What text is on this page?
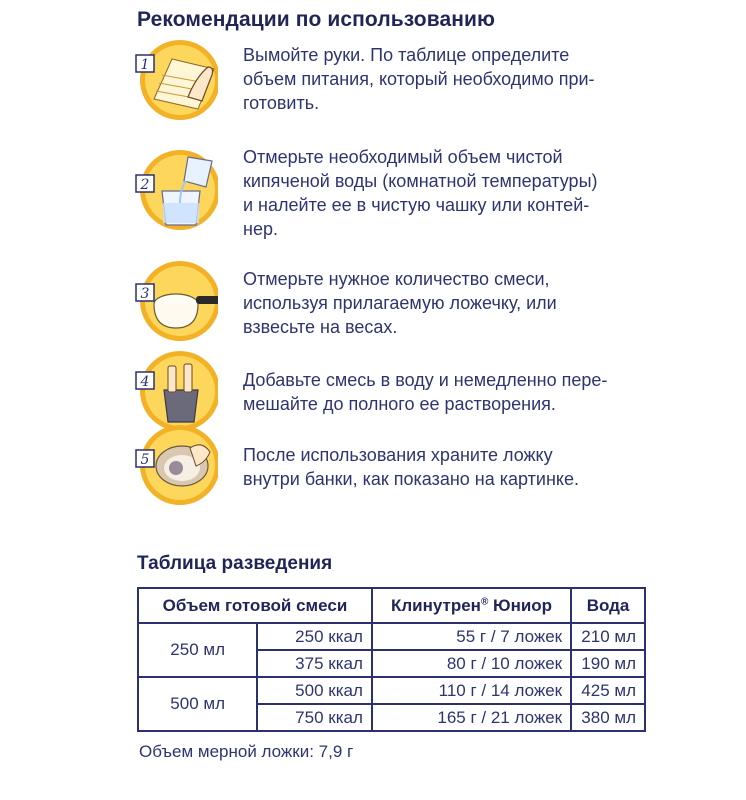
Рекомендации по использованию
1	Вымойте руки. По таблице определите
объем питания, который необходимо при-
готовить.
2
Отмерьте необходимый объем чистой
кипяченой воды (комнатной температуры)
и налейте ее в чистую чашку или контей-
нер.
3
Отмерьте нужное количество смеси,
используя прилагаемую ложечку, или
взвесьте на весах.
4	Добавьте смесь в воду и немедленно пере-
мешайте до полного ее растворения.
5	После использования храните ложку
внутри банки, как показано на картинке.
Таблица разведения
Объем готовой смеси		Клинутрен® Юниор	Вода
250 мл	250 ккал	55 г / 7 ложек	210 мл
	375 ккал	80 г / 10 ложек	190 мл
500 мл	500 ккал	110 г / 14 ложек	425 мл
	750 ккал	165 г / 21 ложек	380 мл
Объем мерной ложки: 7,9 г
